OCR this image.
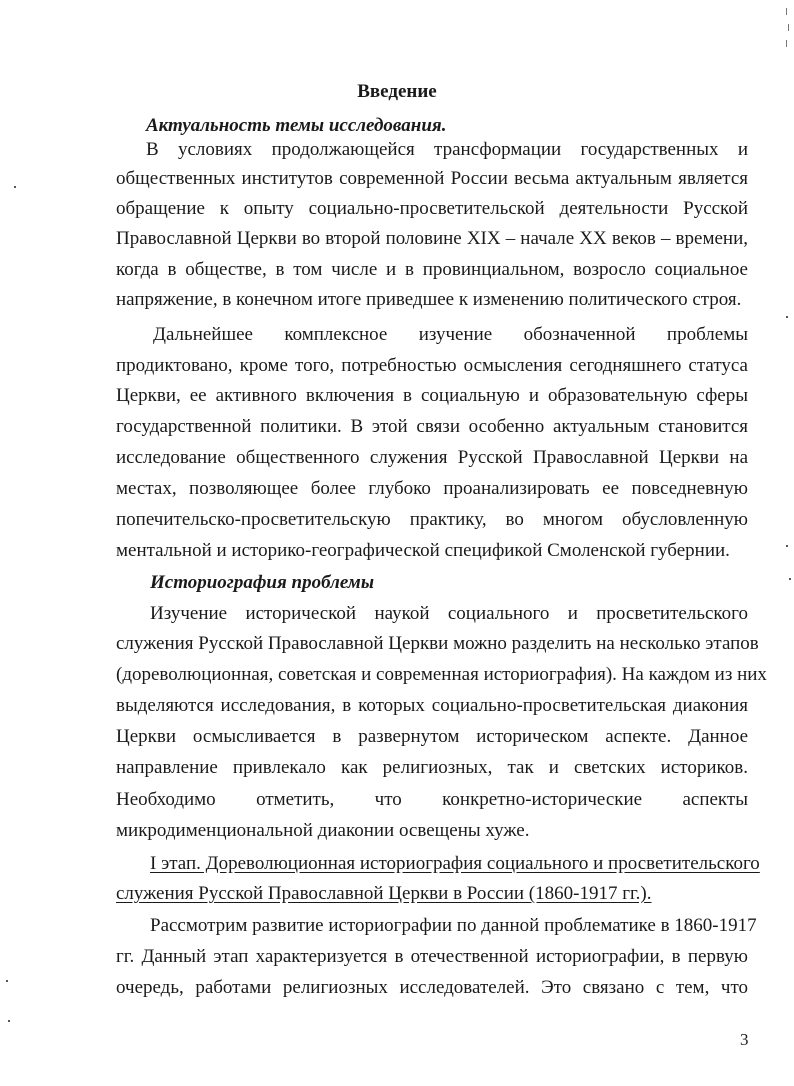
Введение
Актуальность темы исследования.
В условиях продолжающейся трансформации государственных и
общественных институтов современной России весьма актуальным является
обращение к опыту социально-просветительской деятельности Русской
Православной Церкви во второй половине XIX – начале XX веков – времени,
когда в обществе, в том числе и в провинциальном, возросло социальное
напряжение, в конечном итоге приведшее к изменению политического строя.
Дальнейшее комплексное изучение обозначенной проблемы
продиктовано, кроме того, потребностью осмысления сегодняшнего статуса
Церкви, ее активного включения в социальную и образовательную сферы
государственной политики. В этой связи особенно актуальным становится
исследование общественного служения Русской Православной Церкви на
местах, позволяющее более глубоко проанализировать ее повседневную
попечительско-просветительскую практику, во многом обусловленную
ментальной и историко-географической спецификой Смоленской губернии.
Историография проблемы
Изучение исторической наукой социального и просветительского
служения Русской Православной Церкви можно разделить на несколько этапов
(дореволюционная, советская и современная историография). На каждом из них
выделяются исследования, в которых социально-просветительская диакония
Церкви осмысливается в развернутом историческом аспекте. Данное
направление привлекало как религиозных, так и светских историков.
Необходимо отметить, что конкретно-исторические аспекты
микродименциональной диаконии освещены хуже.
I этап. Дореволюционная историография социального и просветительского
служения Русской Православной Церкви в России (1860-1917 гг.).
Рассмотрим развитие историографии по данной проблематике в 1860-1917
гг. Данный этап характеризуется в отечественной историографии, в первую
очередь, работами религиозных исследователей. Это связано с тем, что
3
